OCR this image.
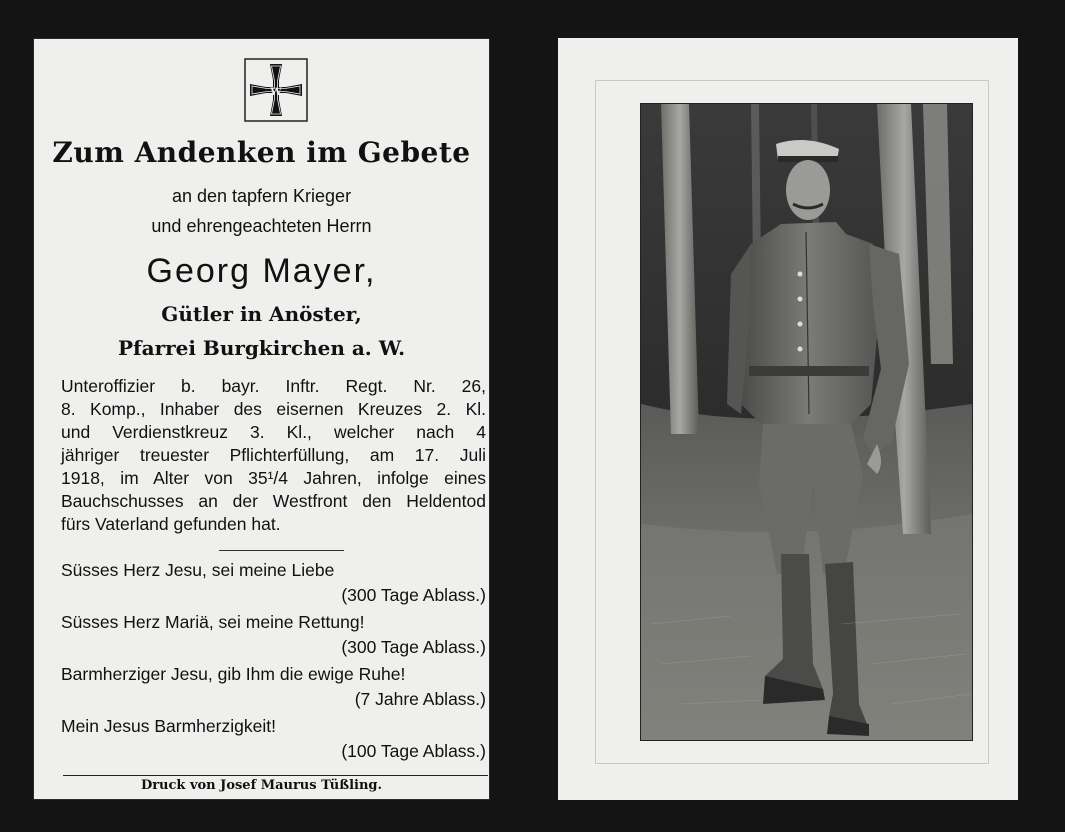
W
Zum Andenken im Gebete
an den tapfern Krieger
und ehrengeachteten Herrn
Georg Mayer,
Gütler in Anöster,
Pfarrei Burgkirchen a. W.
Unteroffizier b. bayr. Inftr. Regt. Nr. 26,
8. Komp., Inhaber des eisernen Kreuzes 2. Kl.
und Verdienstkreuz 3. Kl., welcher nach 4
jähriger treuester Pflichterfüllung, am 17. Juli
1918, im Alter von 35¹/4 Jahren, infolge eines
Bauchschusses an der Westfront den Heldentod
fürs Vaterland gefunden hat.
Süsses Herz Jesu, sei meine Liebe
(300 Tage Ablass.)
Süsses Herz Mariä, sei meine Rettung!
(300 Tage Ablass.)
Barmherziger Jesu, gib Ihm die ewige Ruhe!
(7 Jahre Ablass.)
Mein Jesus Barmherzigkeit!
(100 Tage Ablass.)
Druck von Josef Maurus Tüßling.
